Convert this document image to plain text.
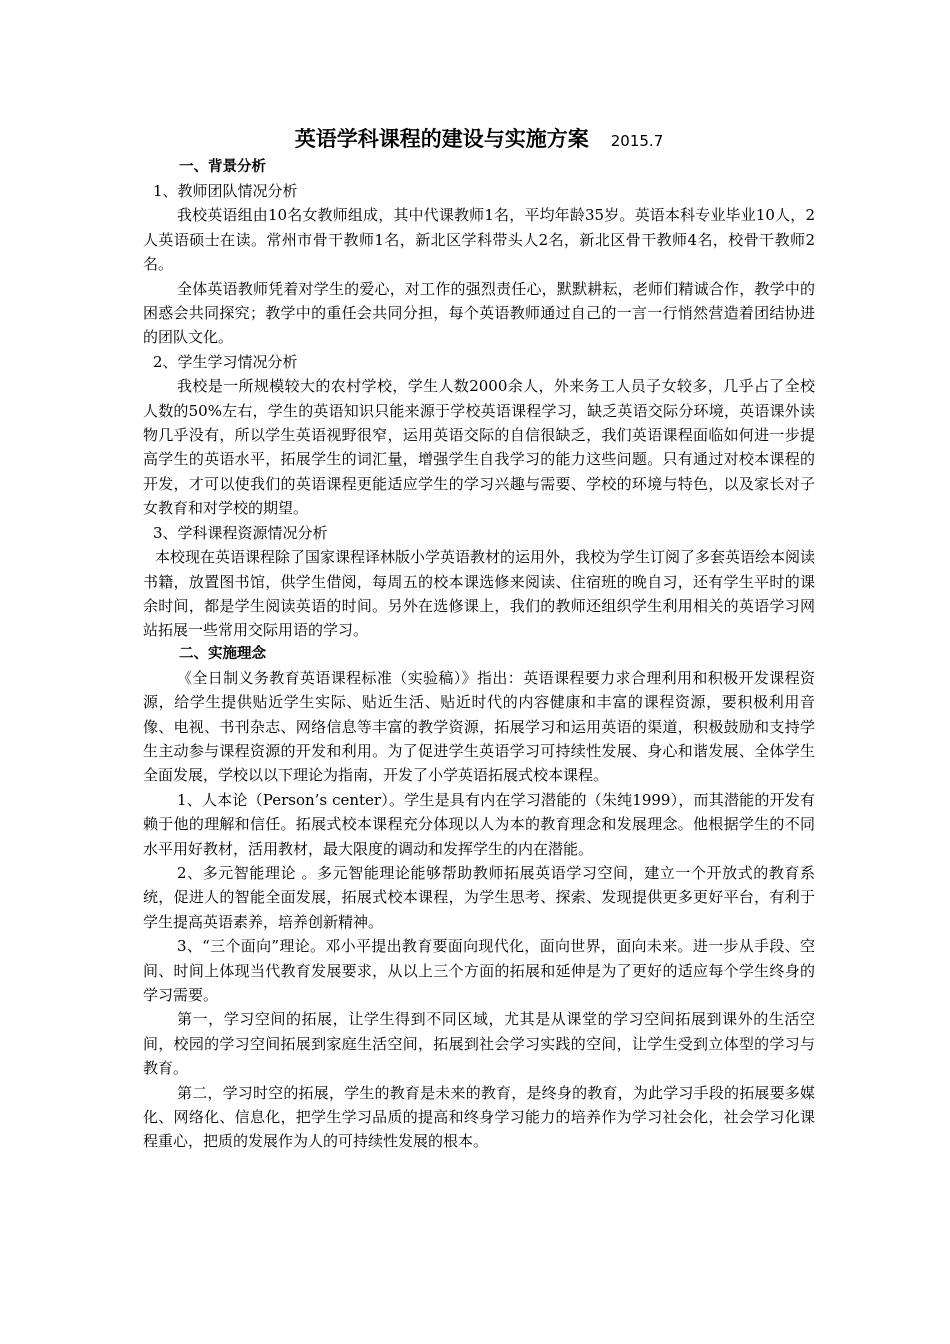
英语学科课程的建设与实施方案 2015.7
一、背景分析
1、教师团队情况分析

我校英语组由10名女教师组成，其中代课教师1名，平均年龄35岁。英语本科专业毕业10人，2人英语硕士在读。常州市骨干教师1名，新北区学科带头人2名，新北区骨干教师4名，校骨干教师2名。

全体英语教师凭着对学生的爱心，对工作的强烈责任心，默默耕耘，老师们精诚合作，教学中的困惑会共同探究；教学中的重任会共同分担，每个英语教师通过自己的一言一行悄然营造着团结协进的团队文化。

2、学生学习情况分析

我校是一所规模较大的农村学校，学生人数2000余人，外来务工人员子女较多，几乎占了全校人数的50%左右，学生的英语知识只能来源于学校英语课程学习，缺乏英语交际分环境，英语课外读物几乎没有，所以学生英语视野很窄，运用英语交际的自信很缺乏，我们英语课程面临如何进一步提高学生的英语水平，拓展学生的词汇量，增强学生自我学习的能力这些问题。只有通过对校本课程的开发，才可以使我们的英语课程更能适应学生的学习兴趣与需要、学校的环境与特色，以及家长对子女教育和对学校的期望。

3、学科课程资源情况分析

本校现在英语课程除了国家课程译林版小学英语教材的运用外，我校为学生订阅了多套英语绘本阅读书籍，放置图书馆，供学生借阅，每周五的校本课选修来阅读、住宿班的晚自习，还有学生平时的课余时间，都是学生阅读英语的时间。另外在选修课上，我们的教师还组织学生利用相关的英语学习网站拓展一些常用交际用语的学习。

二、实施理念

《全日制义务教育英语课程标准（实验稿）》指出：英语课程要力求合理利用和积极开发课程资源，给学生提供贴近学生实际、贴近生活、贴近时代的内容健康和丰富的课程资源，要积极利用音像、电视、书刊杂志、网络信息等丰富的教学资源，拓展学习和运用英语的渠道，积极鼓励和支持学生主动参与课程资源的开发和利用。为了促进学生英语学习可持续性发展、身心和谐发展、全体学生全面发展，学校以以下理论为指南，开发了小学英语拓展式校本课程。

1、人本论（Person’s center）。学生是具有内在学习潜能的（朱纯1999），而其潜能的开发有赖于他的理解和信任。拓展式校本课程充分体现以人为本的教育理念和发展理念。他根据学生的不同水平用好教材，活用教材，最大限度的调动和发挥学生的内在潜能。

2、多元智能理论 。多元智能理论能够帮助教师拓展英语学习空间，建立一个开放式的教育系统，促进人的智能全面发展，拓展式校本课程，为学生思考、探索、发现提供更多更好平台，有利于学生提高英语素养，培养创新精神。

3、“三个面向”理论。邓小平提出教育要面向现代化，面向世界，面向未来。进一步从手段、空间、时间上体现当代教育发展要求，从以上三个方面的拓展和延伸是为了更好的适应每个学生终身的学习需要。

第一，学习空间的拓展，让学生得到不同区域，尤其是从课堂的学习空间拓展到课外的生活空间，校园的学习空间拓展到家庭生活空间，拓展到社会学习实践的空间，让学生受到立体型的学习与教育。

第二，学习时空的拓展，学生的教育是未来的教育，是终身的教育，为此学习手段的拓展要多媒化、网络化、信息化，把学生学习品质的提高和终身学习能力的培养作为学习社会化，社会学习化课程重心，把质的发展作为人的可持续性发展的根本。
